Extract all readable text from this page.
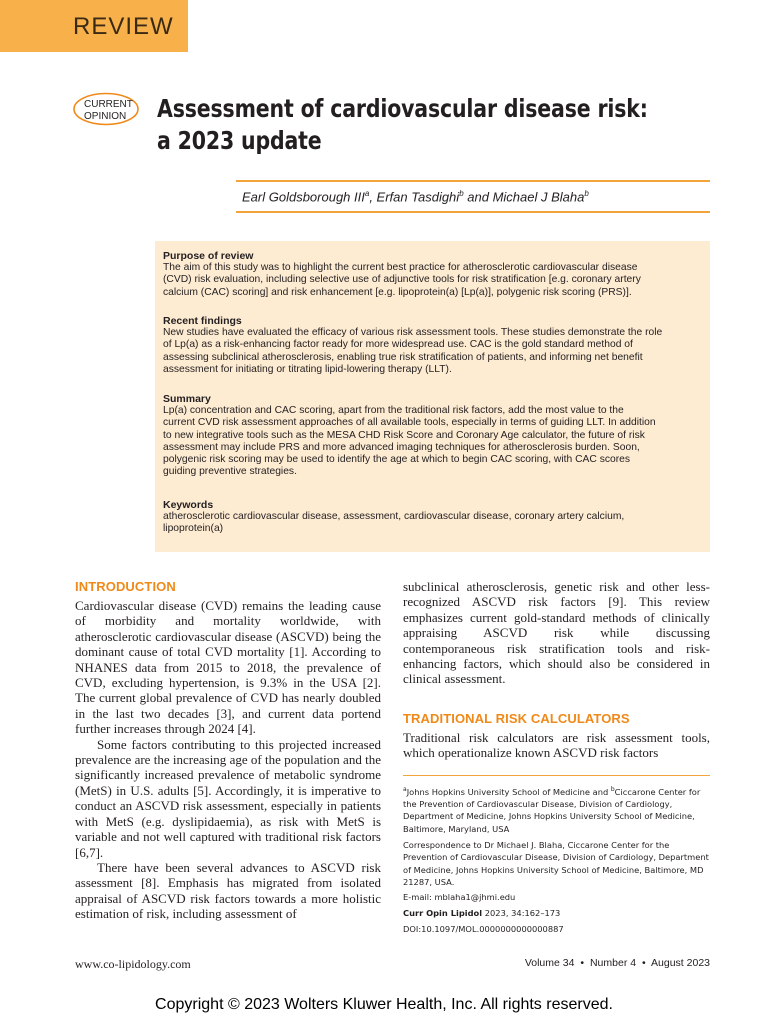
REVIEW
CURRENT
OPINION Assessment of cardiovascular disease risk:
a 2023 update
Earl Goldsborough III$^a$, Erfan Tasdighi$^b$ and Michael J Blaha$^b$
Purpose of review
The aim of this study was to highlight the current best practice for atherosclerotic cardiovascular disease
(CVD) risk evaluation, including selective use of adjunctive tools for risk stratification [e.g. coronary artery
calcium (CAC) scoring] and risk enhancement [e.g. lipoprotein(a) [Lp(a)], polygenic risk scoring (PRS)].
Recent findings
New studies have evaluated the efficacy of various risk assessment tools. These studies demonstrate the role
of Lp(a) as a risk-enhancing factor ready for more widespread use. CAC is the gold standard method of
assessing subclinical atherosclerosis, enabling true risk stratification of patients, and informing net benefit
assessment for initiating or titrating lipid-lowering therapy (LLT).
Summary
Lp(a) concentration and CAC scoring, apart from the traditional risk factors, add the most value to the
current CVD risk assessment approaches of all available tools, especially in terms of guiding LLT. In addition
to new integrative tools such as the MESA CHD Risk Score and Coronary Age calculator, the future of risk
assessment may include PRS and more advanced imaging techniques for atherosclerosis burden. Soon,
polygenic risk scoring may be used to identify the age at which to begin CAC scoring, with CAC scores
guiding preventive strategies.
Keywords
atherosclerotic cardiovascular disease, assessment, cardiovascular disease, coronary artery calcium,
lipoprotein(a)
INTRODUCTION

Cardiovascular disease (CVD) remains the leading cause of morbidity and mortality worldwide, with atherosclerotic cardiovascular disease (ASCVD) being the dominant cause of total CVD mortality [1]. According to NHANES data from 2015 to 2018, the prevalence of CVD, excluding hypertension, is 9.3% in the USA [2]. The current global prevalence of CVD has nearly doubled in the last two decades [3], and current data portend further increases through 2024 [4].

Some factors contributing to this projected increased prevalence are the increasing age of the population and the significantly increased prevalence of metabolic syndrome (MetS) in U.S. adults [5]. Accordingly, it is imperative to conduct an ASCVD risk assessment, especially in patients with MetS (e.g. dyslipidaemia), as risk with MetS is variable and not well captured with traditional risk factors [6,7].

There have been several advances to ASCVD risk assessment [8]. Emphasis has migrated from isolated appraisal of ASCVD risk factors towards a more holistic estimation of risk, including assessment of

subclinical atherosclerosis, genetic risk and other less-recognized ASCVD risk factors [9]. This review emphasizes current gold-standard methods of clinically appraising ASCVD risk while discussing contemporaneous risk stratification tools and risk-enhancing factors, which should also be considered in clinical assessment.

TRADITIONAL RISK CALCULATORS

Traditional risk calculators are risk assessment tools, which operationalize known ASCVD risk factors

$^a$Johns Hopkins University School of Medicine and $^b$Ciccarone Center for the Prevention of Cardiovascular Disease, Division of Cardiology, Department of Medicine, Johns Hopkins University School of Medicine, Baltimore, Maryland, USA
Correspondence to Dr Michael J. Blaha, Ciccarone Center for the Prevention of Cardiovascular Disease, Division of Cardiology, Department of Medicine, Johns Hopkins University School of Medicine, Baltimore, MD 21287, USA.
E-mail: mblaha1@jhmi.edu
Curr Opin Lipidol 2023, 34:162–173
DOI:10.1097/MOL.0000000000000887
www.co-lipidology.com	Volume 34 • Number 4 • August 2023
Copyright © 2023 Wolters Kluwer Health, Inc. All rights reserved.
